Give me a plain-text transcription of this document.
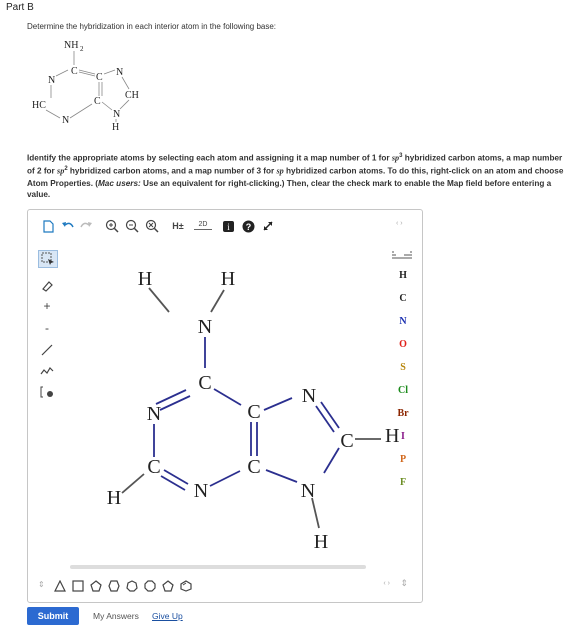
Part B
Determine the hybridization in each interior atom in the following base:
NH 2
C
C N
N
CH
HC	C
N
N
H
Identify the appropriate atoms by selecting each atom and assigning it a map number of 1 for $sp^3$ hybridized carbon atoms, a map number of 2 for $sp^2$ hybridized carbon atoms, and a map number of 3 for sp hybridized carbon atoms. To do this, right-click on an atom and choose Atom Properties. (Mac users: Use an equivalent for right-clicking.) Then, clear the check mark to enable the Map field before entering a value.
H±	2D	i ?
+
-
H	H
N
C
N	C
N
C
C
N
H
C
N
H
H
‹ ›
H
C
N
O
S
Cl
Br
I
P
F
⇕	‹ › ⇕
Submit	My Answers Give Up
